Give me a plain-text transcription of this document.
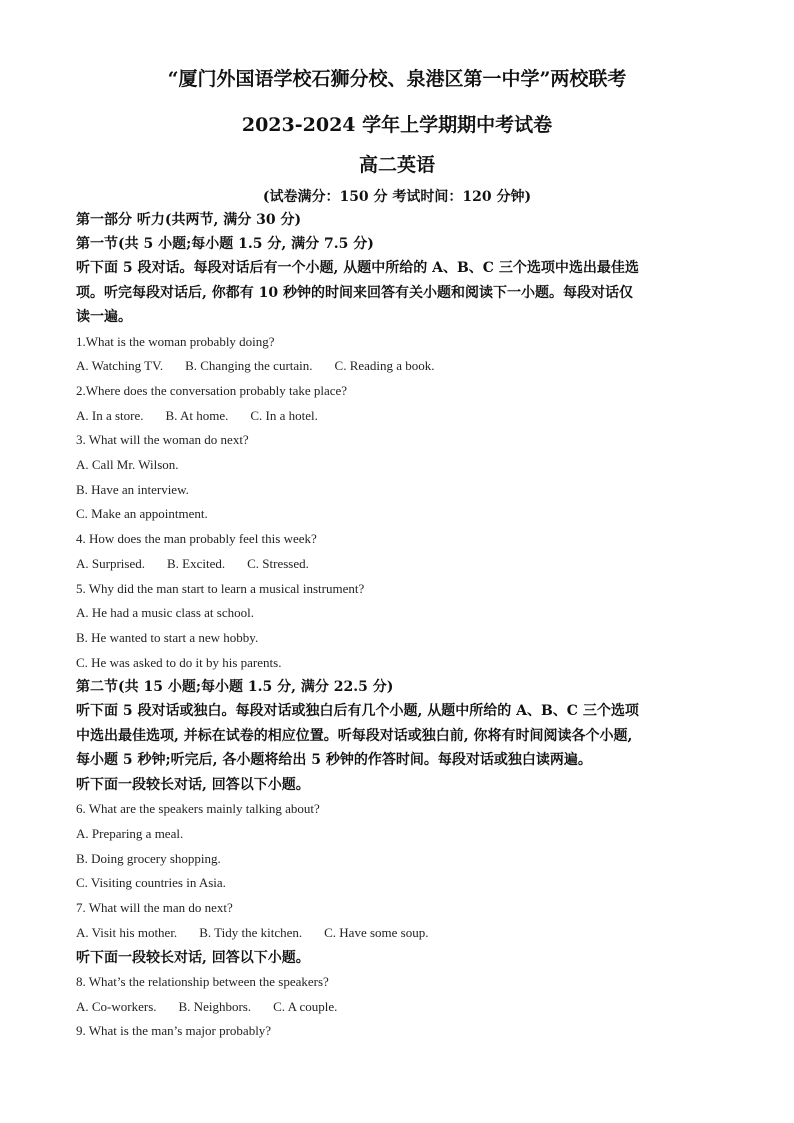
“厦门外国语学校石狮分校、泉港区第一中学”两校联考
2023-2024 学年上学期期中考试卷
高二英语
(试卷满分：150 分 考试时间：120 分钟)

第一部分 听力(共两节, 满分 30 分)

第一节(共 5 小题;每小题 1.5 分, 满分 7.5 分)

听下面 5 段对话。每段对话后有一个小题, 从题中所给的 A、B、C 三个选项中选出最佳选

项。听完每段对话后, 你都有 10 秒钟的时间来回答有关小题和阅读下一小题。每段对话仅

读一遍。

1.What is the woman probably doing?

A. Watching TV. B. Changing the curtain. C. Reading a book.

2.Where does the conversation probably take place?

A. In a store. B. At home. C. In a hotel.

3. What will the woman do next?

A. Call Mr. Wilson.

B. Have an interview.

C. Make an appointment.

4. How does the man probably feel this week?

A. Surprised. B. Excited. C. Stressed.

5. Why did the man start to learn a musical instrument?

A. He had a music class at school.

B. He wanted to start a new hobby.

C. He was asked to do it by his parents.

第二节(共 15 小题;每小题 1.5 分, 满分 22.5 分)

听下面 5 段对话或独白。每段对话或独白后有几个小题, 从题中所给的 A、B、C 三个选项

中选出最佳选项, 并标在试卷的相应位置。听每段对话或独白前, 你将有时间阅读各个小题,

每小题 5 秒钟;听完后, 各小题将给出 5 秒钟的作答时间。每段对话或独白读两遍。

听下面一段较长对话, 回答以下小题。

6. What are the speakers mainly talking about?

A. Preparing a meal.

B. Doing grocery shopping.

C. Visiting countries in Asia.

7. What will the man do next?

A. Visit his mother. B. Tidy the kitchen. C. Have some soup.

听下面一段较长对话, 回答以下小题。

8. What’s the relationship between the speakers?

A. Co-workers. B. Neighbors. C. A couple.

9. What is the man’s major probably?
